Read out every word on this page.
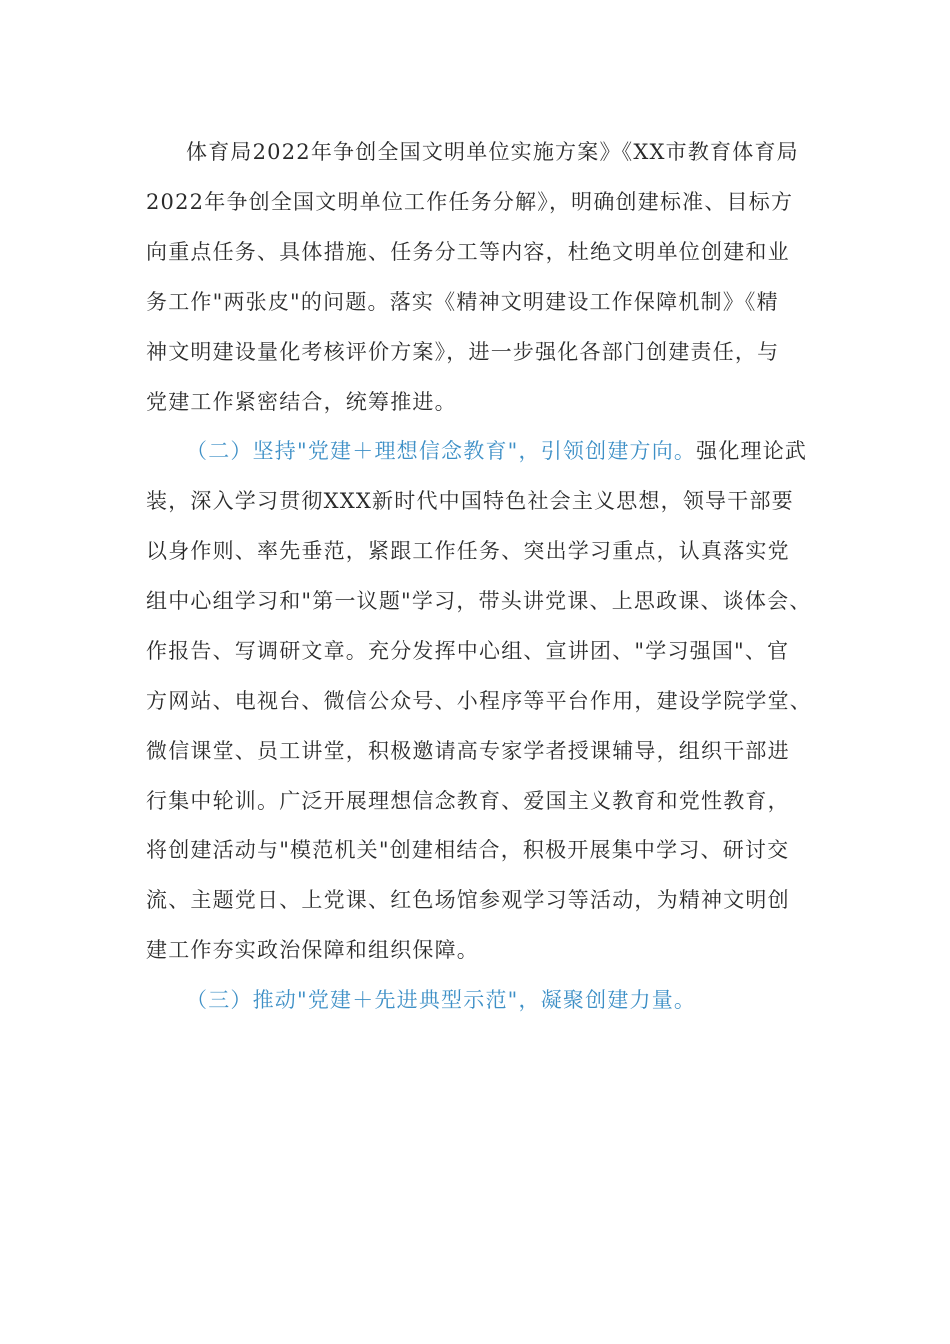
体育局2022年争创全国文明单位实施方案》《XX市教育体育局
2022年争创全国文明单位工作任务分解》，明确创建标准、目标方
向重点任务、具体措施、任务分工等内容，杜绝文明单位创建和业
务工作"两张皮"的问题。落实《精神文明建设工作保障机制》《精
神文明建设量化考核评价方案》，进一步强化各部门创建责任，与
党建工作紧密结合，统筹推进。
（二）坚持"党建＋理想信念教育"，引领创建方向。强化理论武
装，深入学习贯彻XXX新时代中国特色社会主义思想，领导干部要
以身作则、率先垂范，紧跟工作任务、突出学习重点，认真落实党
组中心组学习和"第一议题"学习，带头讲党课、上思政课、谈体会、
作报告、写调研文章。充分发挥中心组、宣讲团、"学习强国"、官
方网站、电视台、微信公众号、小程序等平台作用，建设学院学堂、
微信课堂、员工讲堂，积极邀请高专家学者授课辅导，组织干部进
行集中轮训。广泛开展理想信念教育、爱国主义教育和党性教育，
将创建活动与"模范机关"创建相结合，积极开展集中学习、研讨交
流、主题党日、上党课、红色场馆参观学习等活动，为精神文明创
建工作夯实政治保障和组织保障。
（三）推动"党建＋先进典型示范"，凝聚创建力量。
